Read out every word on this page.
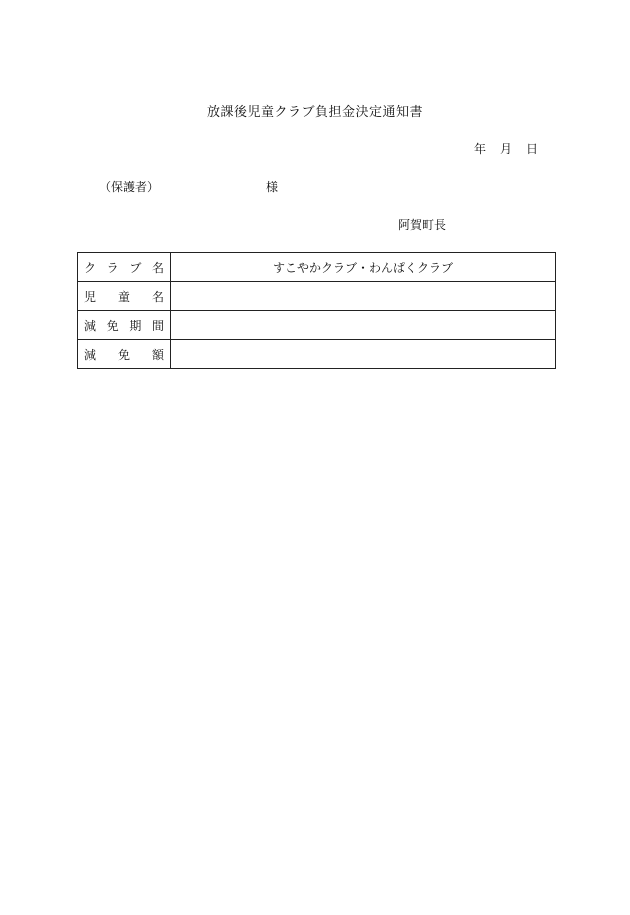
放課後児童クラブ負担金決定通知書
年 月 日
（保護者）	様
阿賀町長
ク ラ ブ 名	すこやかクラブ・わんぱくクラブ

児 童 名	

減 免 期 間	

減 免 額	
